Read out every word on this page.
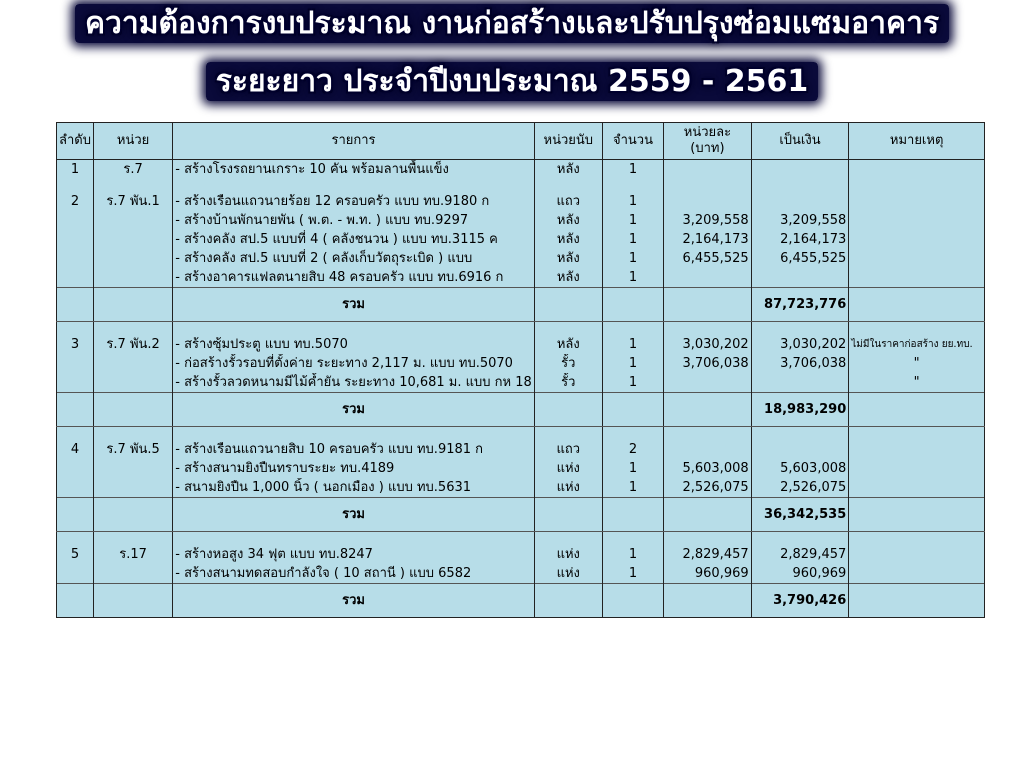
ความต้องการงบประมาณ งานก่อสร้างและปรับปรุงซ่อมแซมอาคาร
ระยะยาว ประจำปีงบประมาณ 2559 - 2561
ลำดับ	หน่วย	รายการ	หน่วยนับ	จำนวน	หน่วยละ (บาท)	เป็นเงิน	หมายเหตุ
1	ร.7	- สร้างโรงรถยานเกราะ 10 คัน พร้อมลานพื้นแข็ง	หลัง	1			

2	ร.7 พัน.1	- สร้างเรือนแถวนายร้อย 12 ครอบครัว แบบ ทบ.9180 ก	แถว	1			
		- สร้างบ้านพักนายพัน ( พ.ต. - พ.ท. ) แบบ ทบ.9297	หลัง	1	3,209,558	3,209,558	
		- สร้างคลัง สป.5 แบบที่ 4 ( คลังชนวน ) แบบ ทบ.3115 ค	หลัง	1	2,164,173	2,164,173	
		- สร้างคลัง สป.5 แบบที่ 2 ( คลังเก็บวัตถุระเบิด ) แบบ	หลัง	1	6,455,525	6,455,525	
		- สร้างอาคารแฟลตนายสิบ 48 ครอบครัว แบบ ทบ.6916 ก	หลัง	1			
		รวม				87,723,776	

3	ร.7 พัน.2	- สร้างซุ้มประตู แบบ ทบ.5070	หลัง	1	3,030,202	3,030,202	ไม่มีในราคาก่อสร้าง ยย.ทบ.
		- ก่อสร้างรั้วรอบที่ตั้งค่าย ระยะทาง 2,117 ม. แบบ ทบ.5070	รั้ว	1	3,706,038	3,706,038	"
		- สร้างรั้วลวดหนามมีไม้ค้ำยัน ระยะทาง 10,681 ม. แบบ กห 18	รั้ว	1			"
		รวม				18,983,290	

4	ร.7 พัน.5	- สร้างเรือนแถวนายสิบ 10 ครอบครัว แบบ ทบ.9181 ก	แถว	2			
		- สร้างสนามยิงปืนทราบระยะ ทบ.4189	แห่ง	1	5,603,008	5,603,008	
		- สนามยิงปืน 1,000 นิ้ว ( นอกเมือง ) แบบ ทบ.5631	แห่ง	1	2,526,075	2,526,075	
		รวม				36,342,535	

5	ร.17	- สร้างหอสูง 34 ฟุต แบบ ทบ.8247	แห่ง	1	2,829,457	2,829,457	
		- สร้างสนามทดสอบกำลังใจ ( 10 สถานี ) แบบ 6582	แห่ง	1	960,969	960,969	
		รวม				3,790,426	
